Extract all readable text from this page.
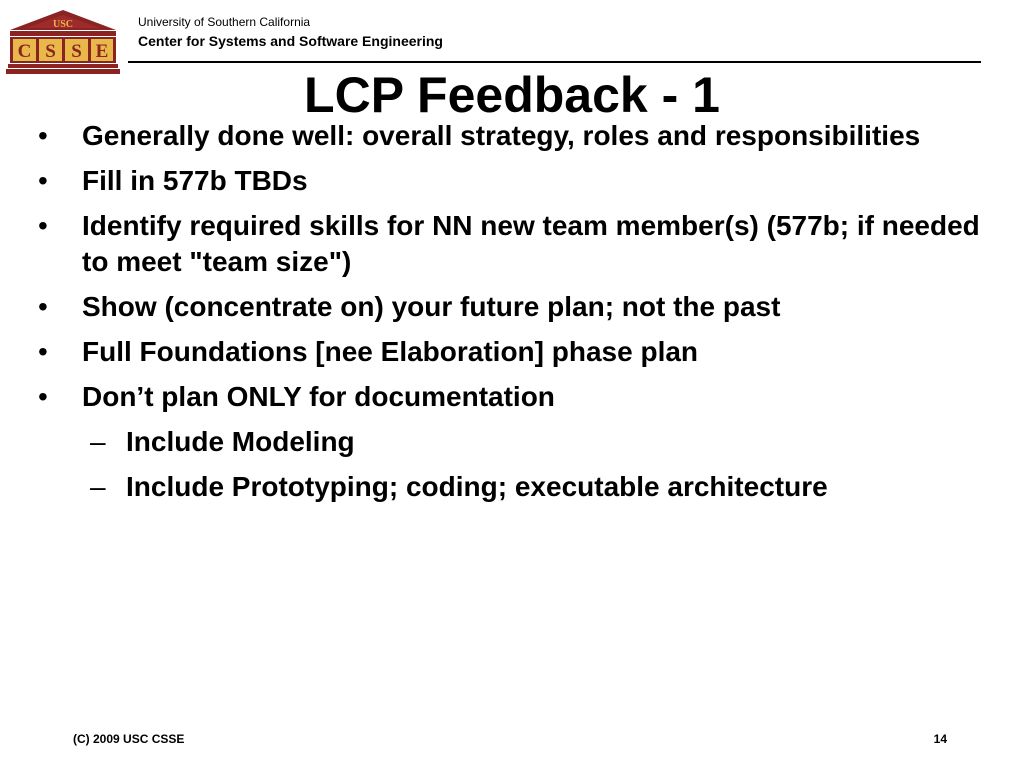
USC
C S S E
University of Southern California
Center for Systems and Software Engineering
LCP Feedback - 1
•	Generally done well: overall strategy, roles and responsibilities
•	Fill in 577b TBDs
•	Identify required skills for NN new team member(s) (577b; if needed to meet "team size")
•	Show (concentrate on) your future plan; not the past
•	Full Foundations [nee Elaboration] phase plan
•	Don’t plan ONLY for documentation
– Include Modeling
– Include Prototyping; coding; executable architecture
(C) 2009 USC CSSE	14
